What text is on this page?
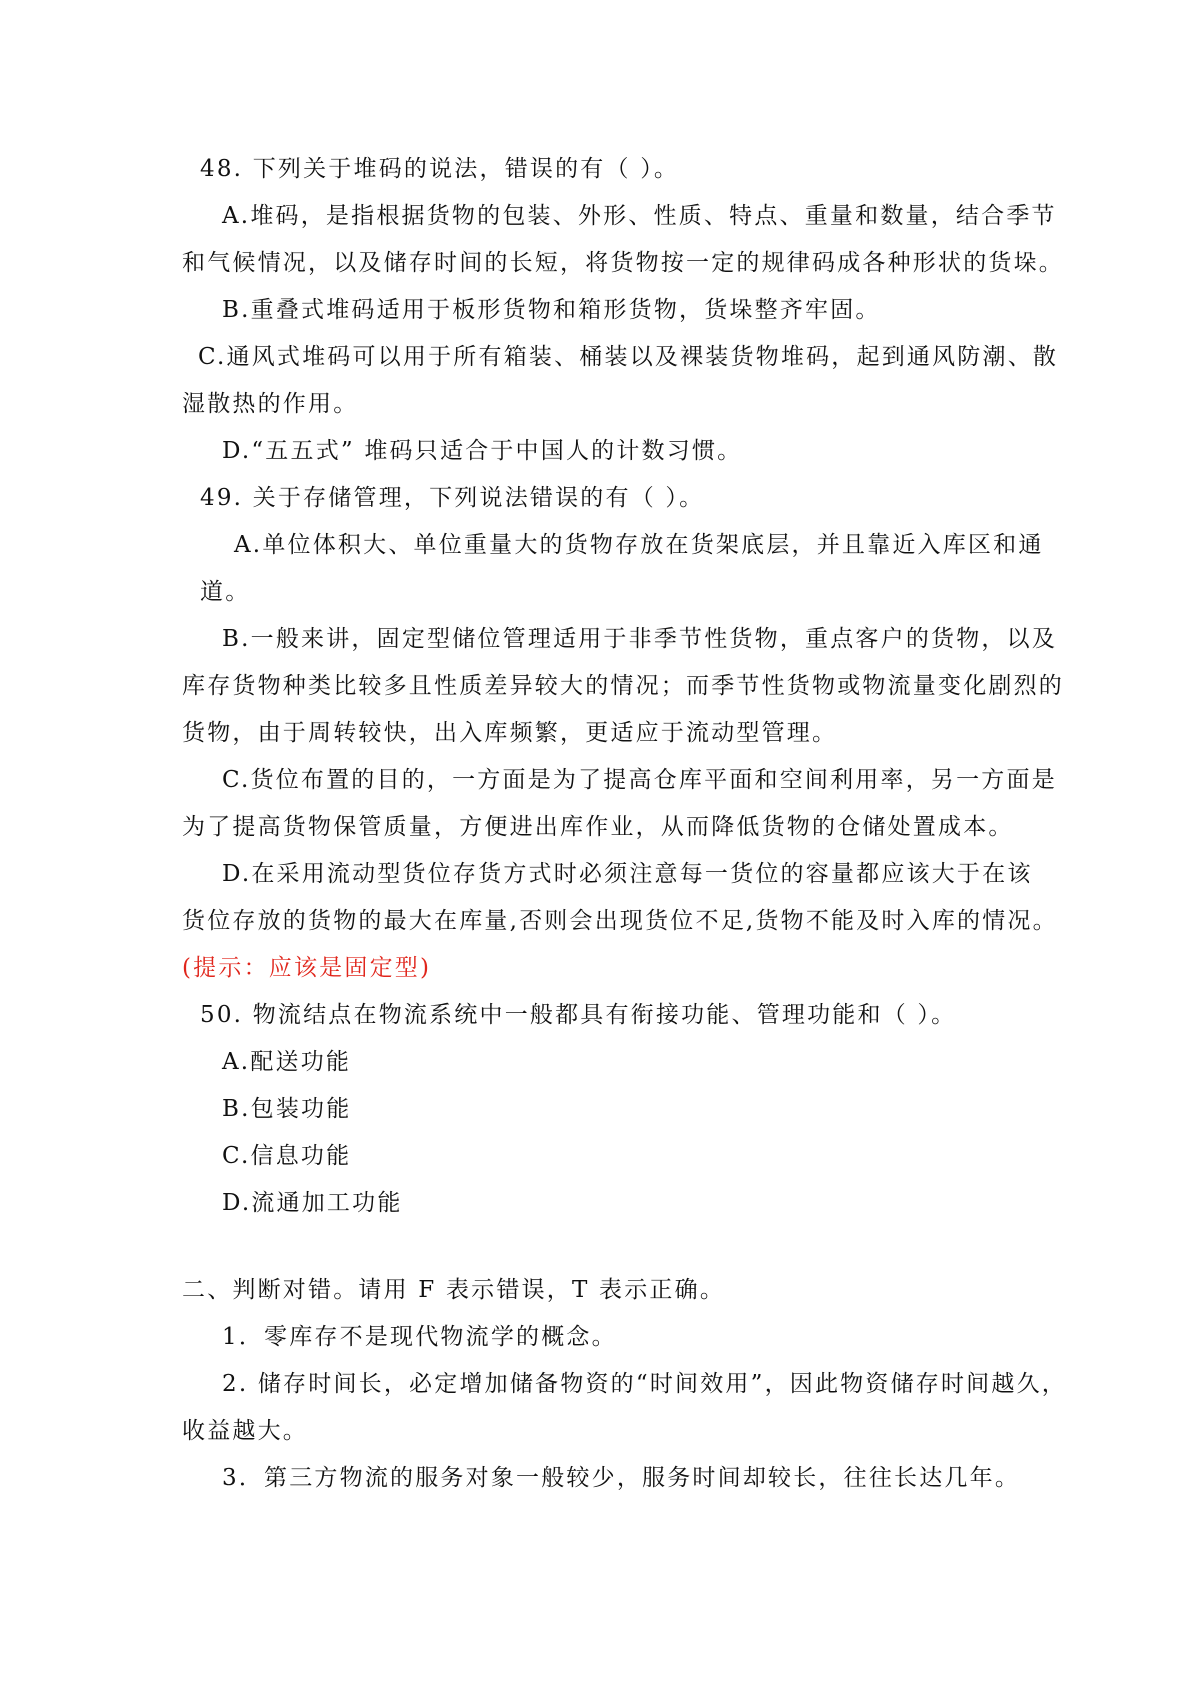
48. 下列关于堆码的说法，错误的有（ ）。

A.堆码，是指根据货物的包装、外形、性质、特点、重量和数量，结合季节

和气候情况，以及储存时间的长短，将货物按一定的规律码成各种形状的货垛。

B.重叠式堆码适用于板形货物和箱形货物，货垛整齐牢固。

C.通风式堆码可以用于所有箱装、桶装以及裸装货物堆码，起到通风防潮、散

湿散热的作用。

D.“五五式” 堆码只适合于中国人的计数习惯。

49. 关于存储管理，下列说法错误的有（ ）。

A.单位体积大、单位重量大的货物存放在货架底层，并且靠近入库区和通

道。

B.一般来讲，固定型储位管理适用于非季节性货物，重点客户的货物，以及

库存货物种类比较多且性质差异较大的情况；而季节性货物或物流量变化剧烈的

货物，由于周转较快，出入库频繁，更适应于流动型管理。

C.货位布置的目的，一方面是为了提高仓库平面和空间利用率，另一方面是

为了提高货物保管质量，方便进出库作业，从而降低货物的仓储处置成本。

D.在采用流动型货位存货方式时必须注意每一货位的容量都应该大于在该

货位存放的货物的最大在库量,否则会出现货位不足,货物不能及时入库的情况。

(提示：应该是固定型)

50. 物流结点在物流系统中一般都具有衔接功能、管理功能和（ ）。

A.配送功能

B.包装功能

C.信息功能

D.流通加工功能

二、判断对错。请用 F 表示错误，T 表示正确。

1．零库存不是现代物流学的概念。

2. 储存时间长，必定增加储备物资的“时间效用”，因此物资储存时间越久，

收益越大。

3．第三方物流的服务对象一般较少，服务时间却较长，往往长达几年。
